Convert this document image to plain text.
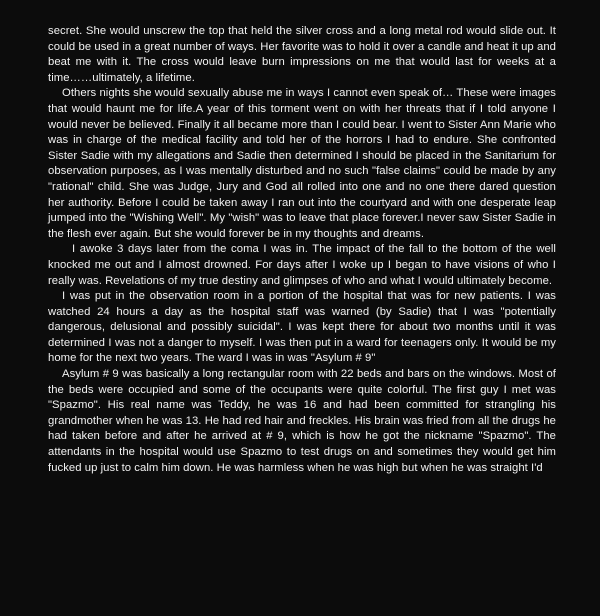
secret. She would unscrew the top that held the silver cross and a long metal rod would slide out. It could be used in a great number of ways. Her favorite was to hold it over a candle and heat it up and beat me with it. The cross would leave burn impressions on me that would last for weeks at a time……ultimately, a lifetime.

Others nights she would sexually abuse me in ways I cannot even speak of… These were images that would haunt me for life.A year of this torment went on with her threats that if I told anyone I would never be believed. Finally it all became more than I could bear. I went to Sister Ann Marie who was in charge of the medical facility and told her of the horrors I had to endure. She confronted Sister Sadie with my allegations and Sadie then determined I should be placed in the Sanitarium for observation purposes, as I was mentally disturbed and no such "false claims" could be made by any "rational" child. She was Judge, Jury and God all rolled into one and no one there dared question her authority. Before I could be taken away I ran out into the courtyard and with one desperate leap jumped into the "Wishing Well". My "wish" was to leave that place forever.I never saw Sister Sadie in the flesh ever again. But she would forever be in my thoughts and dreams.

I awoke 3 days later from the coma I was in. The impact of the fall to the bottom of the well knocked me out and I almost drowned. For days after I woke up I began to have visions of who I really was. Revelations of my true destiny and glimpses of who and what I would ultimately become.

I was put in the observation room in a portion of the hospital that was for new patients. I was watched 24 hours a day as the hospital staff was warned (by Sadie) that I was "potentially dangerous, delusional and possibly suicidal". I was kept there for about two months until it was determined I was not a danger to myself. I was then put in a ward for teenagers only. It would be my home for the next two years. The ward I was in was "Asylum # 9"

Asylum # 9 was basically a long rectangular room with 22 beds and bars on the windows. Most of the beds were occupied and some of the occupants were quite colorful. The first guy I met was "Spazmo". His real name was Teddy, he was 16 and had been committed for strangling his grandmother when he was 13. He had red hair and freckles. His brain was fried from all the drugs he had taken before and after he arrived at # 9, which is how he got the nickname "Spazmo". The attendants in the hospital would use Spazmo to test drugs on and sometimes they would get him fucked up just to calm him down. He was harmless when he was high but when he was straight I'd
